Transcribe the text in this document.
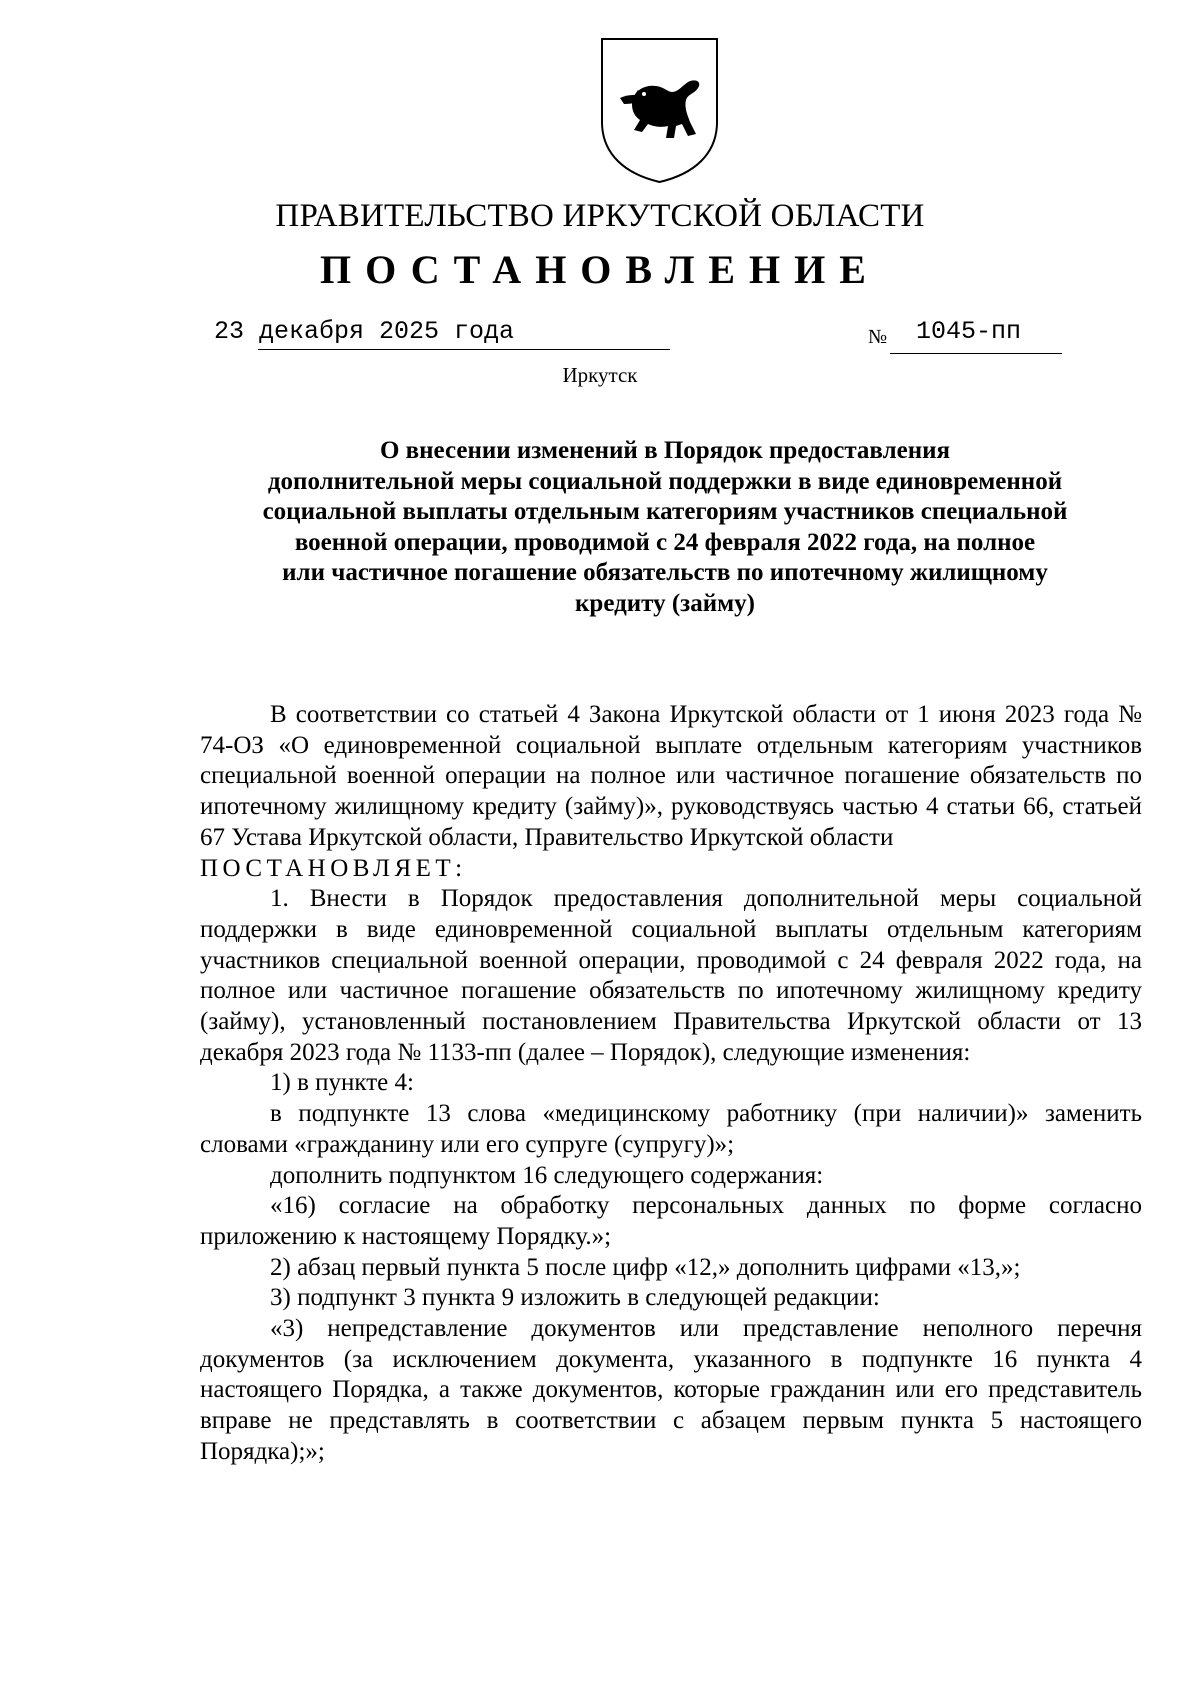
ПРАВИТЕЛЬСТВО ИРКУТСКОЙ ОБЛАСТИ
ПОСТАНОВЛЕНИЕ
23 декабря 2025 года	№ 1045-пп
Иркутск
О внесении изменений в Порядок предоставления
дополнительной меры социальной поддержки в виде единовременной
социальной выплаты отдельным категориям участников специальной
военной операции, проводимой с 24 февраля 2022 года, на полное
или частичное погашение обязательств по ипотечному жилищному
кредиту (займу)
В соответствии со статьей 4 Закона Иркутской области от 1 июня 2023 года № 74-ОЗ «О единовременной социальной выплате отдельным категориям участников специальной военной операции на полное или частичное погашение обязательств по ипотечному жилищному кредиту (займу)», руководствуясь частью 4 статьи 66, статьей 67 Устава Иркутской области, Правительство Иркутской области
ПОСТАНОВЛЯЕТ:
1. Внести в Порядок предоставления дополнительной меры социальной поддержки в виде единовременной социальной выплаты отдельным категориям участников специальной военной операции, проводимой с 24 февраля 2022 года, на полное или частичное погашение обязательств по ипотечному жилищному кредиту (займу), установленный постановлением Правительства Иркутской области от 13 декабря 2023 года № 1133-пп (далее – Порядок), следующие изменения:
1) в пункте 4:
в подпункте 13 слова «медицинскому работнику (при наличии)» заменить словами «гражданину или его супруге (супругу)»;
дополнить подпунктом 16 следующего содержания:
«16) согласие на обработку персональных данных по форме согласно приложению к настоящему Порядку.»;
2) абзац первый пункта 5 после цифр «12,» дополнить цифрами «13,»;
3) подпункт 3 пункта 9 изложить в следующей редакции:
«3) непредставление документов или представление неполного перечня документов (за исключением документа, указанного в подпункте 16 пункта 4 настоящего Порядка, а также документов, которые гражданин или его представитель вправе не представлять в соответствии с абзацем первым пункта 5 настоящего Порядка);»;
